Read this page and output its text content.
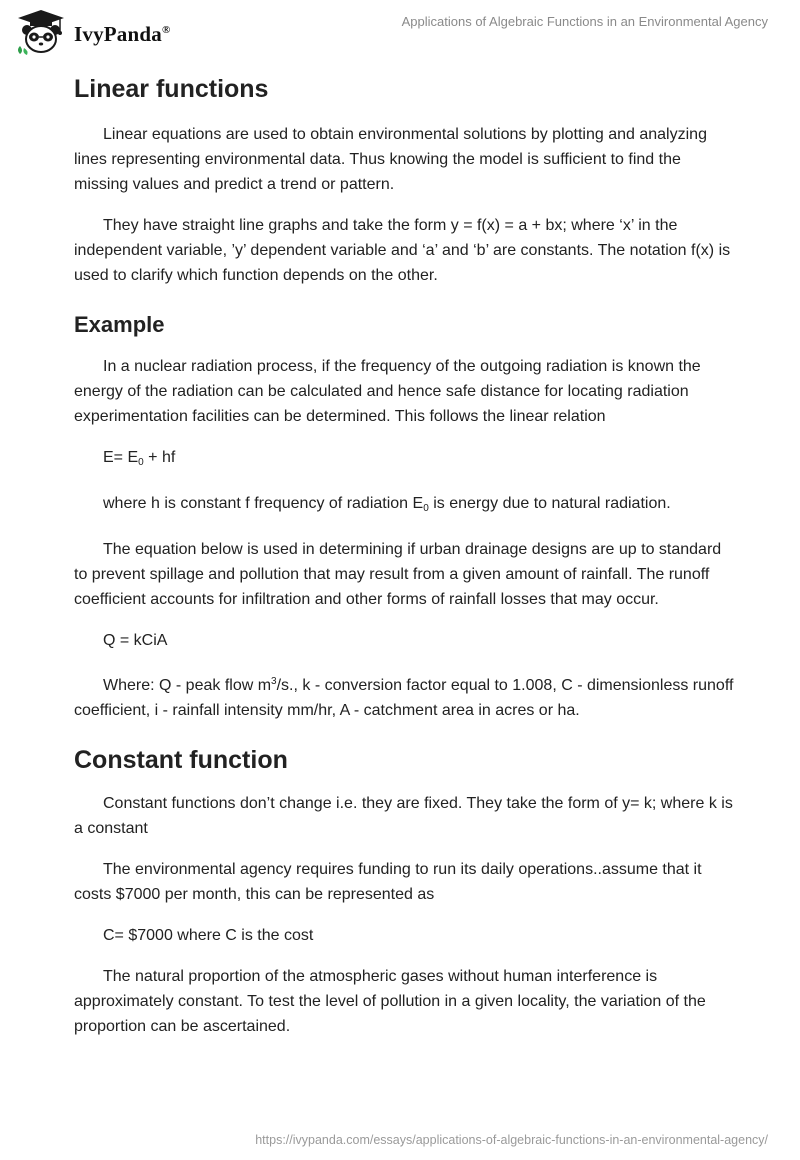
IvyPanda®
Applications of Algebraic Functions in an Environmental Agency
Linear functions

Linear equations are used to obtain environmental solutions by plotting and analyzing lines representing environmental data. Thus knowing the model is sufficient to find the missing values and predict a trend or pattern.

They have straight line graphs and take the form y = f(x) = a + bx; where ‘x’ in the independent variable, ’y’ dependent variable and ‘a’ and ‘b’ are constants. The notation f(x) is used to clarify which function depends on the other.

Example

In a nuclear radiation process, if the frequency of the outgoing radiation is known the energy of the radiation can be calculated and hence safe distance for locating radiation experimentation facilities can be determined. This follows the linear relation

$E= E_0$ + hf

where h is constant f frequency of radiation $E_0$ is energy due to natural radiation.

The equation below is used in determining if urban drainage designs are up to standard to prevent spillage and pollution that may result from a given amount of rainfall. The runoff coefficient accounts for infiltration and other forms of rainfall losses that may occur.

Q = kCiA

Where: Q - peak flow $m^3/s$., k - conversion factor equal to 1.008, C - dimensionless runoff coefficient, i - rainfall intensity mm/hr, A - catchment area in acres or ha.

Constant function

Constant functions don’t change i.e. they are fixed. They take the form of y= k; where k is a constant

The environmental agency requires funding to run its daily operations..assume that it costs $7000 per month, this can be represented as

C= $7000 where C is the cost

The natural proportion of the atmospheric gases without human interference is approximately constant. To test the level of pollution in a given locality, the variation of the proportion can be ascertained.

https://ivypanda.com/essays/applications-of-algebraic-functions-in-an-environmental-agency/
